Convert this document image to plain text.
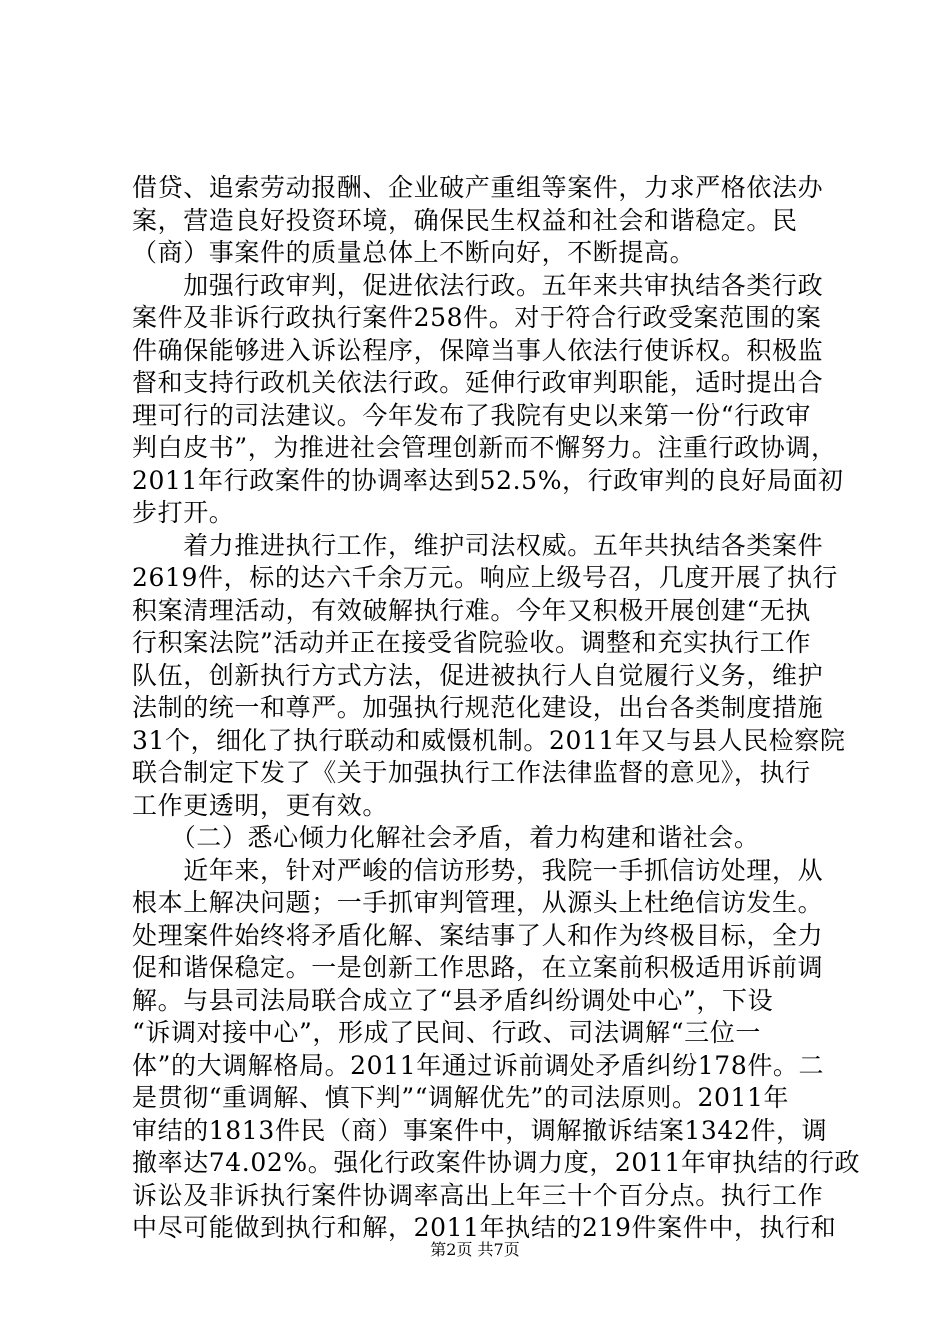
借贷、追索劳动报酬、企业破产重组等案件，力求严格依法办
案，营造良好投资环境，确保民生权益和社会和谐稳定。民
（商）事案件的质量总体上不断向好，不断提高。
　　加强行政审判，促进依法行政。五年来共审执结各类行政
案件及非诉行政执行案件258件。对于符合行政受案范围的案
件确保能够进入诉讼程序，保障当事人依法行使诉权。积极监
督和支持行政机关依法行政。延伸行政审判职能，适时提出合
理可行的司法建议。今年发布了我院有史以来第一份“行政审
判白皮书”，为推进社会管理创新而不懈努力。注重行政协调，
2011年行政案件的协调率达到52.5%，行政审判的良好局面初
步打开。
　　着力推进执行工作，维护司法权威。五年共执结各类案件
2619件，标的达六千余万元。响应上级号召，几度开展了执行
积案清理活动，有效破解执行难。今年又积极开展创建“无执
行积案法院”活动并正在接受省院验收。调整和充实执行工作
队伍，创新执行方式方法，促进被执行人自觉履行义务，维护
法制的统一和尊严。加强执行规范化建设，出台各类制度措施
31个，细化了执行联动和威慑机制。2011年又与县人民检察院
联合制定下发了《关于加强执行工作法律监督的意见》，执行
工作更透明，更有效。
　　（二）悉心倾力化解社会矛盾，着力构建和谐社会。
　　近年来，针对严峻的信访形势，我院一手抓信访处理，从
根本上解决问题；一手抓审判管理，从源头上杜绝信访发生。
处理案件始终将矛盾化解、案结事了人和作为终极目标，全力
促和谐保稳定。一是创新工作思路，在立案前积极适用诉前调
解。与县司法局联合成立了“县矛盾纠纷调处中心”，下设
“诉调对接中心”，形成了民间、行政、司法调解“三位一
体”的大调解格局。2011年通过诉前调处矛盾纠纷178件。二
是贯彻“重调解、慎下判”“调解优先”的司法原则。2011年
审结的1813件民（商）事案件中，调解撤诉结案1342件，调
撤率达74.02%。强化行政案件协调力度，2011年审执结的行政
诉讼及非诉执行案件协调率高出上年三十个百分点。执行工作
中尽可能做到执行和解，2011年执结的219件案件中，执行和
第2页 共7页
